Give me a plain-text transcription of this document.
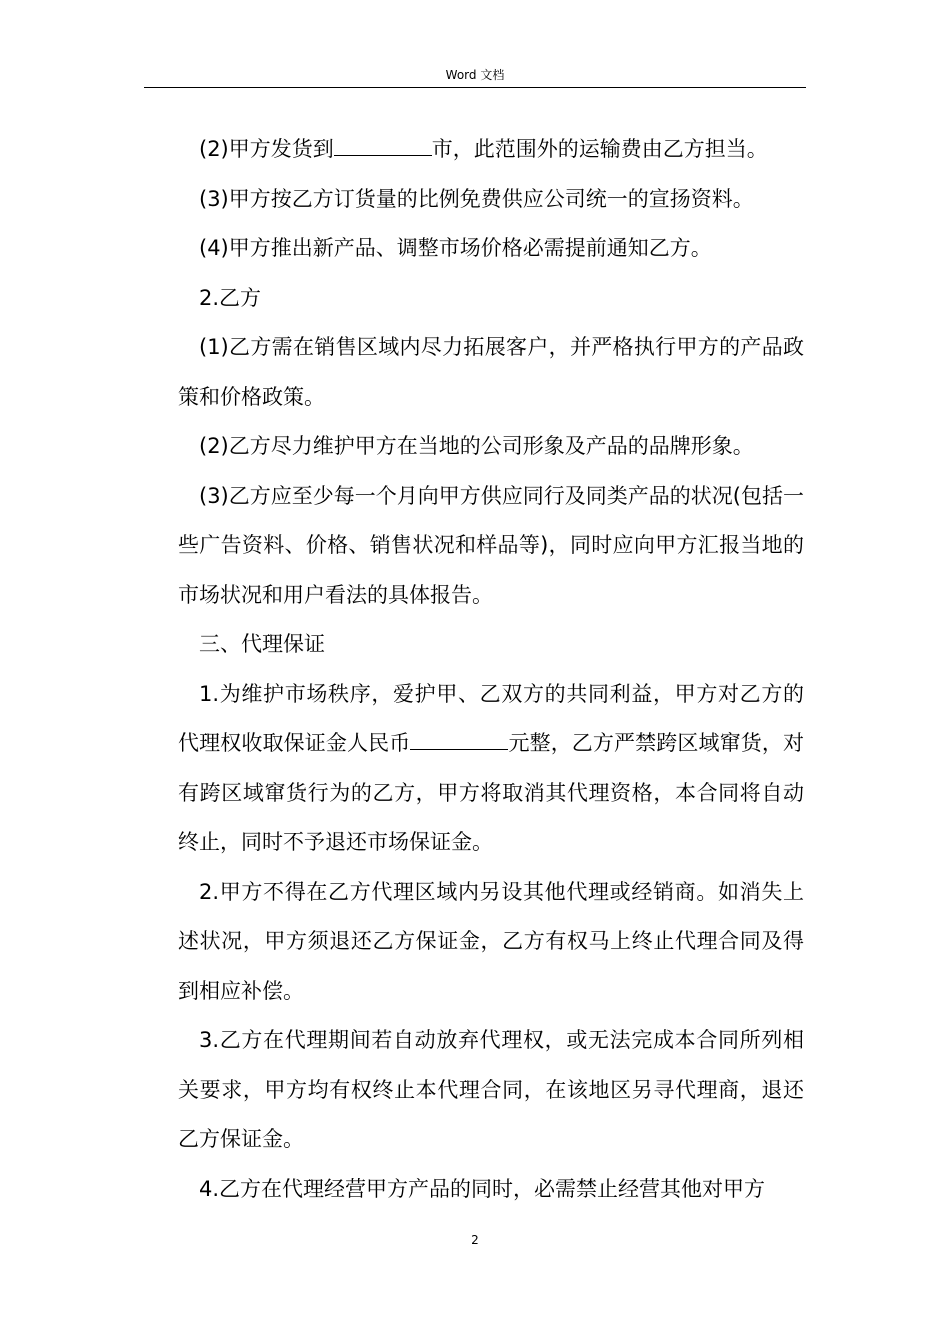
Word 文档

(2)甲方发货到	市，此范围外的运输费由乙方担当。

(3)甲方按乙方订货量的比例免费供应公司统一的宣扬资料。

(4)甲方推出新产品、调整市场价格必需提前通知乙方。

2.乙方

(1)乙方需在销售区域内尽力拓展客户，并严格执行甲方的产品政策和价格政策。

(2)乙方尽力维护甲方在当地的公司形象及产品的品牌形象。

(3)乙方应至少每一个月向甲方供应同行及同类产品的状况(包括一些广告资料、价格、销售状况和样品等)，同时应向甲方汇报当地的市场状况和用户看法的具体报告。

三、代理保证

1.为维护市场秩序，爱护甲、乙双方的共同利益，甲方对乙方的代理权收取保证金人民币	元整，乙方严禁跨区域窜货，对有跨区域窜货行为的乙方，甲方将取消其代理资格，本合同将自动终止，同时不予退还市场保证金。

2.甲方不得在乙方代理区域内另设其他代理或经销商。如消失上述状况，甲方须退还乙方保证金，乙方有权马上终止代理合同及得到相应补偿。

3.乙方在代理期间若自动放弃代理权，或无法完成本合同所列相关要求，甲方均有权终止本代理合同，在该地区另寻代理商，退还乙方保证金。

4.乙方在代理经营甲方产品的同时，必需禁止经营其他对甲方

2
